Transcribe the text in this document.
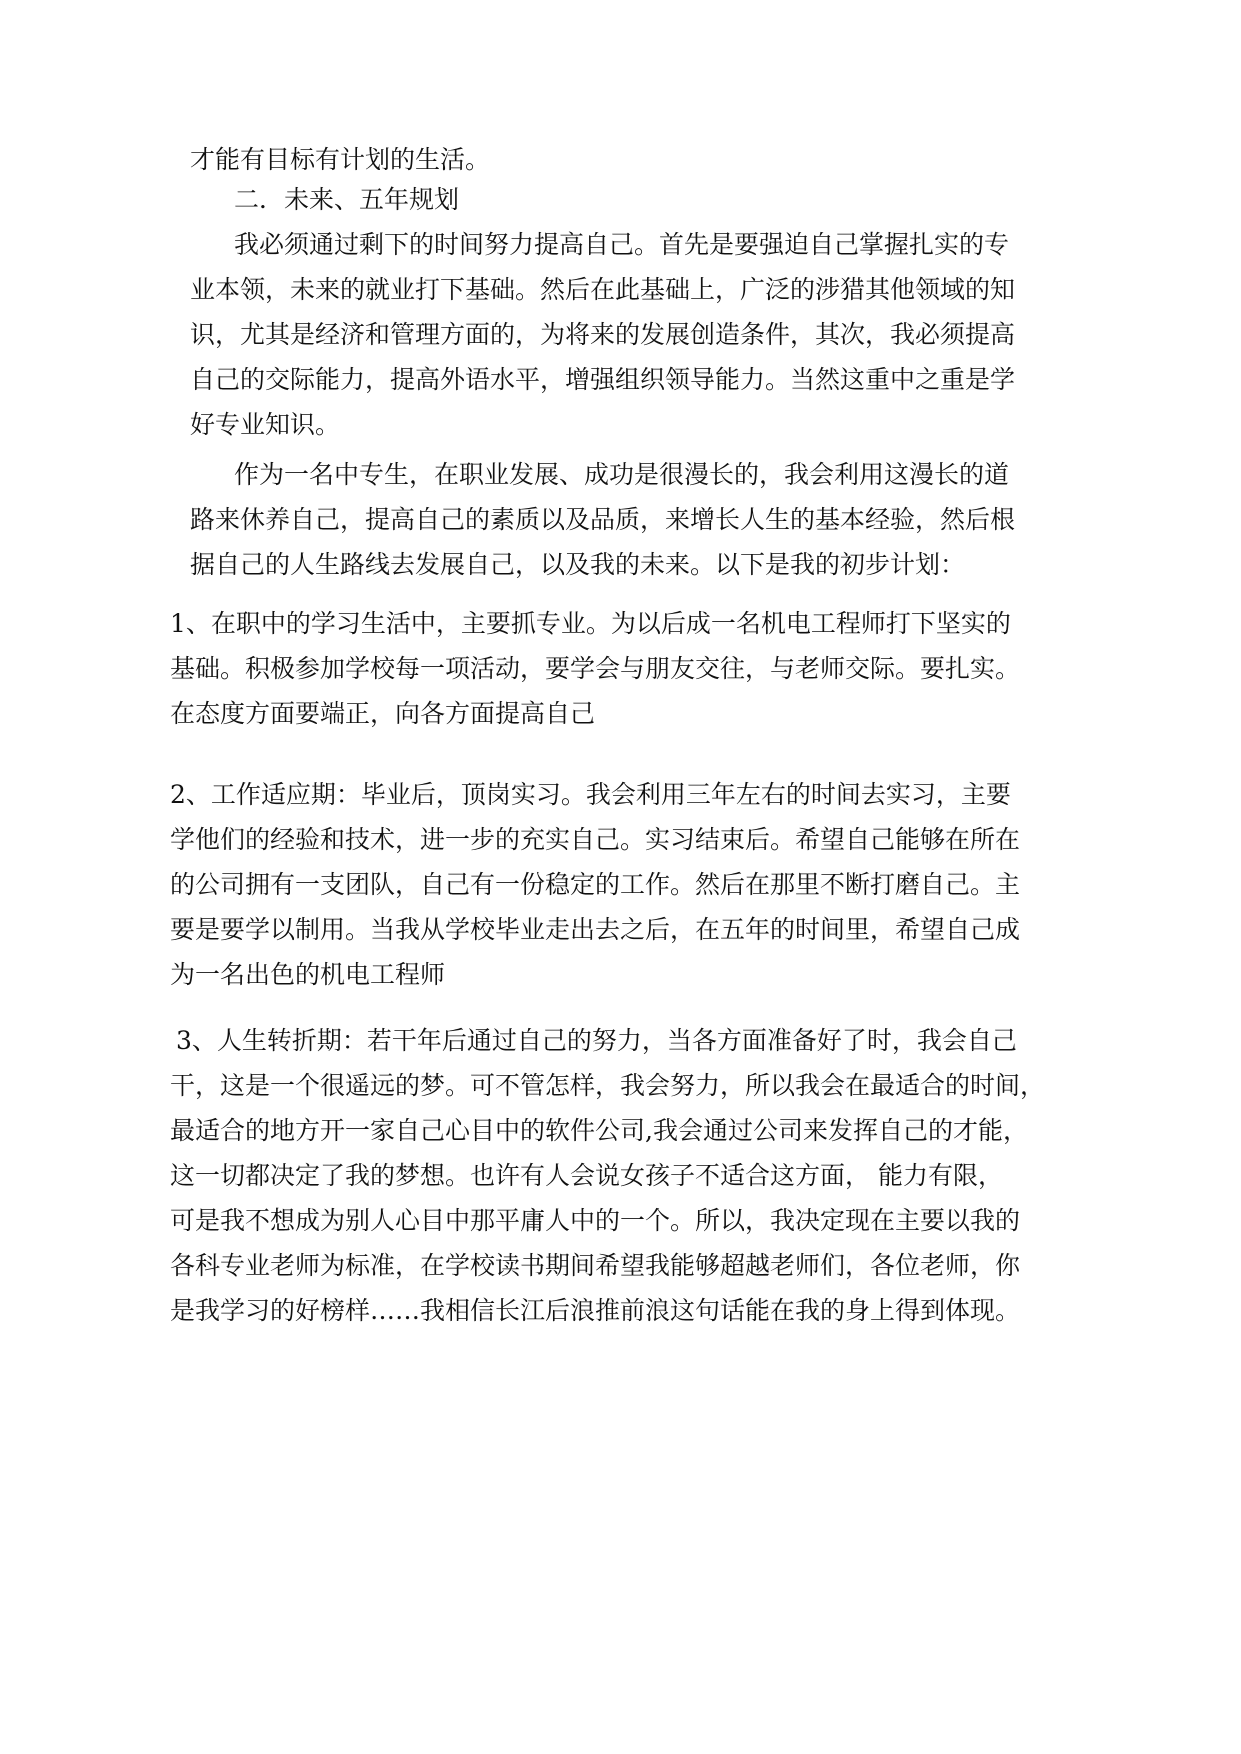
才能有目标有计划的生活。
二．未来、五年规划
我必须通过剩下的时间努力提高自己。首先是要强迫自己掌握扎实的专
业本领，未来的就业打下基础。然后在此基础上，广泛的涉猎其他领域的知
识，尤其是经济和管理方面的，为将来的发展创造条件，其次，我必须提高
自己的交际能力，提高外语水平，增强组织领导能力。当然这重中之重是学
好专业知识。
作为一名中专生，在职业发展、成功是很漫长的，我会利用这漫长的道
路来休养自己，提高自己的素质以及品质，来增长人生的基本经验，然后根
据自己的人生路线去发展自己，以及我的未来。以下是我的初步计划：
1、在职中的学习生活中，主要抓专业。为以后成一名机电工程师打下坚实的
基础。积极参加学校每一项活动，要学会与朋友交往，与老师交际。要扎实。
在态度方面要端正，向各方面提高自己
2、工作适应期：毕业后，顶岗实习。我会利用三年左右的时间去实习，主要
学他们的经验和技术，进一步的充实自己。实习结束后。希望自己能够在所在
的公司拥有一支团队，自己有一份稳定的工作。然后在那里不断打磨自己。主
要是要学以制用。当我从学校毕业走出去之后，在五年的时间里，希望自己成
为一名出色的机电工程师
3、人生转折期：若干年后通过自己的努力，当各方面准备好了时，我会自己
干，这是一个很遥远的梦。可不管怎样，我会努力，所以我会在最适合的时间，
最适合的地方开一家自己心目中的软件公司,我会通过公司来发挥自己的才能，
这一切都决定了我的梦想。也许有人会说女孩子不适合这方面， 能力有限，
可是我不想成为别人心目中那平庸人中的一个。所以，我决定现在主要以我的
各科专业老师为标准，在学校读书期间希望我能够超越老师们，各位老师，你
是我学习的好榜样……我相信长江后浪推前浪这句话能在我的身上得到体现。
